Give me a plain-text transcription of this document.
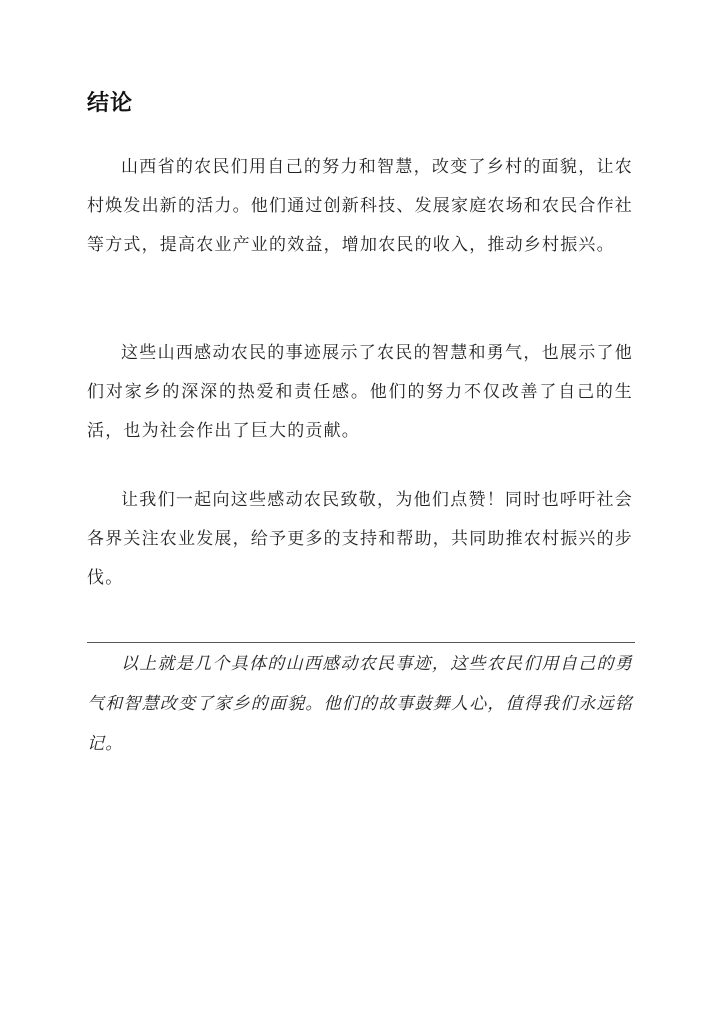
结论

山西省的农民们用自己的努力和智慧，改变了乡村的面貌，让农村焕发出新的活力。他们通过创新科技、发展家庭农场和农民合作社等方式，提高农业产业的效益，增加农民的收入，推动乡村振兴。

这些山西感动农民的事迹展示了农民的智慧和勇气，也展示了他们对家乡的深深的热爱和责任感。他们的努力不仅改善了自己的生活，也为社会作出了巨大的贡献。

让我们一起向这些感动农民致敬，为他们点赞！同时也呼吁社会各界关注农业发展，给予更多的支持和帮助，共同助推农村振兴的步伐。

以上就是几个具体的山西感动农民事迹，这些农民们用自己的勇气和智慧改变了家乡的面貌。他们的故事鼓舞人心，值得我们永远铭记。
